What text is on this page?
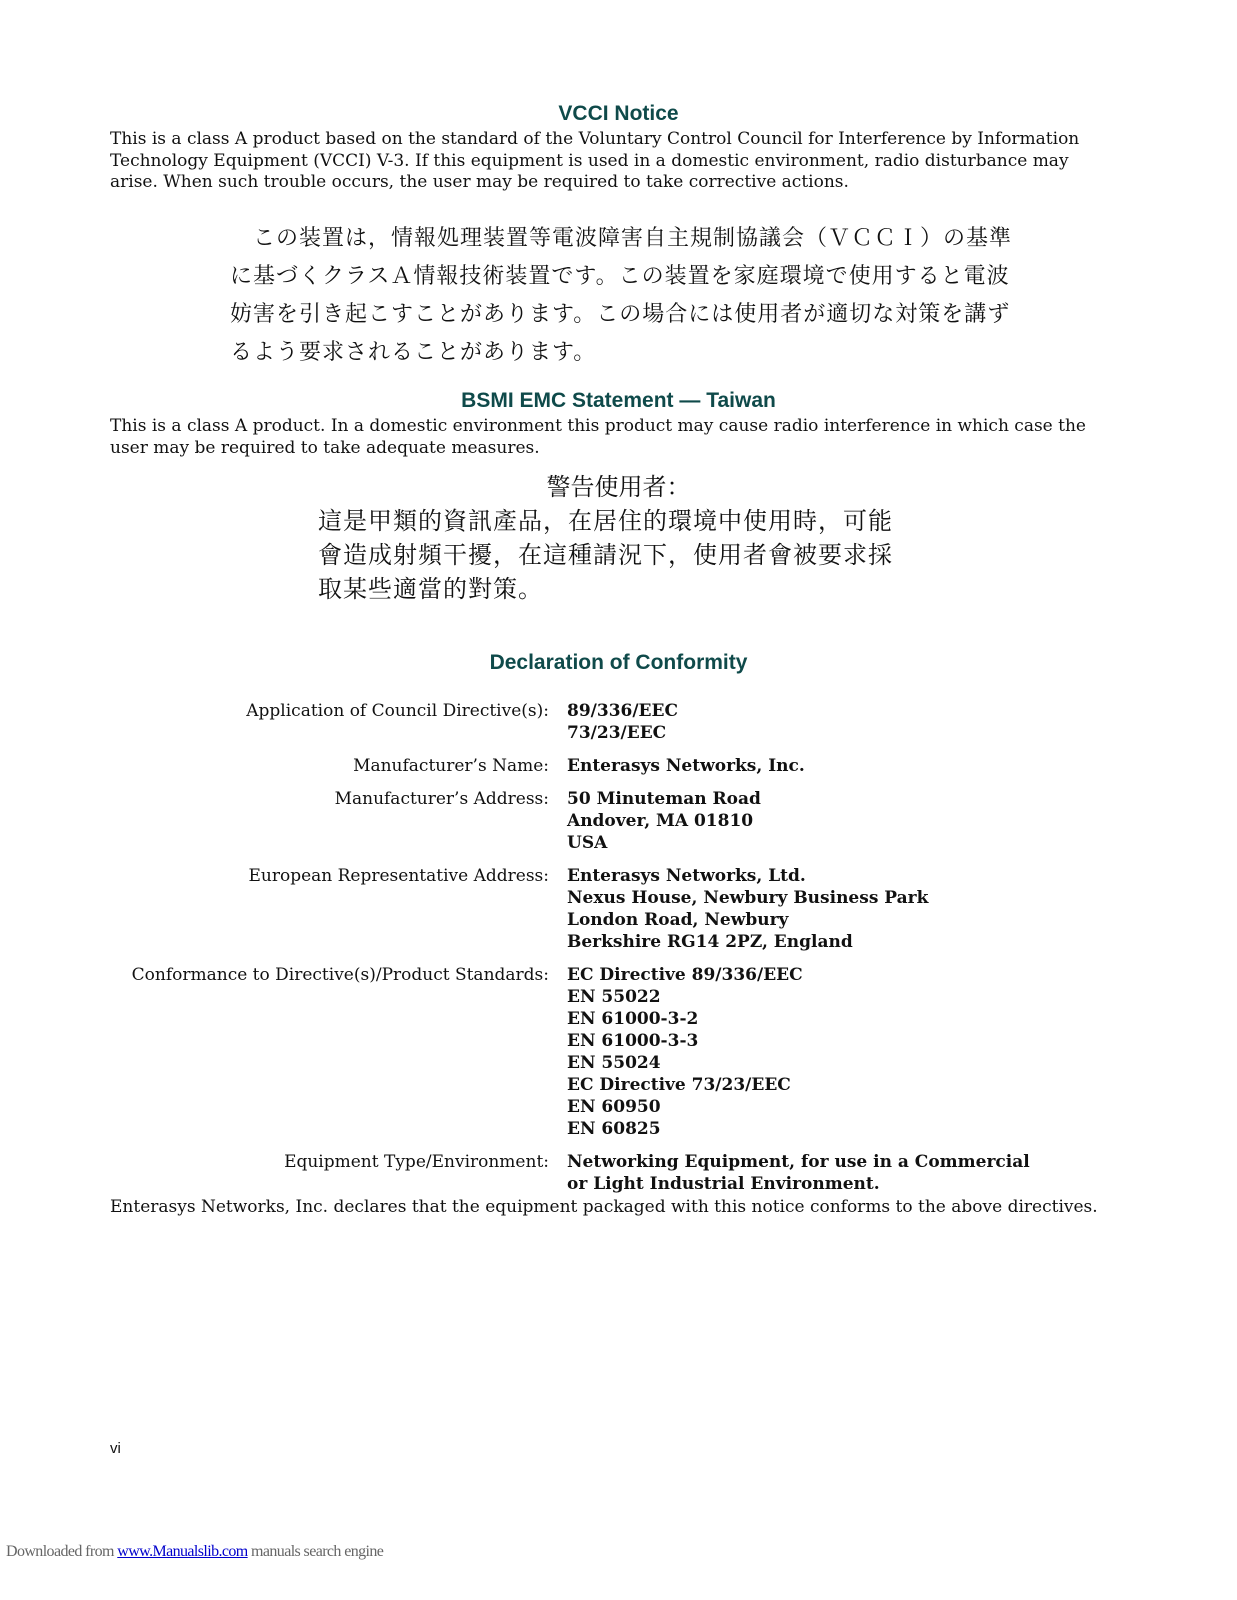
VCCI Notice
This is a class A product based on the standard of the Voluntary Control Council for Interference by Information Technology Equipment (VCCI) V-3. If this equipment is used in a domestic environment, radio disturbance may arise. When such trouble occurs, the user may be required to take corrective actions.
　この装置は，情報処理装置等電波障害自主規制協議会（ＶＣＣＩ）の基準
に基づくクラスＡ情報技術装置です。この装置を家庭環境で使用すると電波
妨害を引き起こすことがあります。この場合には使用者が適切な対策を講ず
るよう要求されることがあります。
BSMI EMC Statement — Taiwan
This is a class A product. In a domestic environment this product may cause radio interference in which case the user may be required to take adequate measures.
警告使用者：
這是甲類的資訊產品，在居住的環境中使用時，可能
會造成射頻干擾，在這種請況下，使用者會被要求採
取某些適當的對策。
Declaration of Conformity
Application of Council Directive(s):	89/336/EEC
73/23/EEC
Manufacturer’s Name:	Enterasys Networks, Inc.
Manufacturer’s Address:	50 Minuteman Road
Andover, MA 01810
USA
European Representative Address:	Enterasys Networks, Ltd.
Nexus House, Newbury Business Park
London Road, Newbury
Berkshire RG14 2PZ, England
Conformance to Directive(s)/Product Standards:	EC Directive 89/336/EEC
EN 55022
EN 61000-3-2
EN 61000-3-3
EN 55024
EC Directive 73/23/EEC
EN 60950
EN 60825
Equipment Type/Environment:	Networking Equipment, for use in a Commercial
or Light Industrial Environment.
Enterasys Networks, Inc. declares that the equipment packaged with this notice conforms to the above directives.
vi
Downloaded from www.Manualslib.com manuals search engine
